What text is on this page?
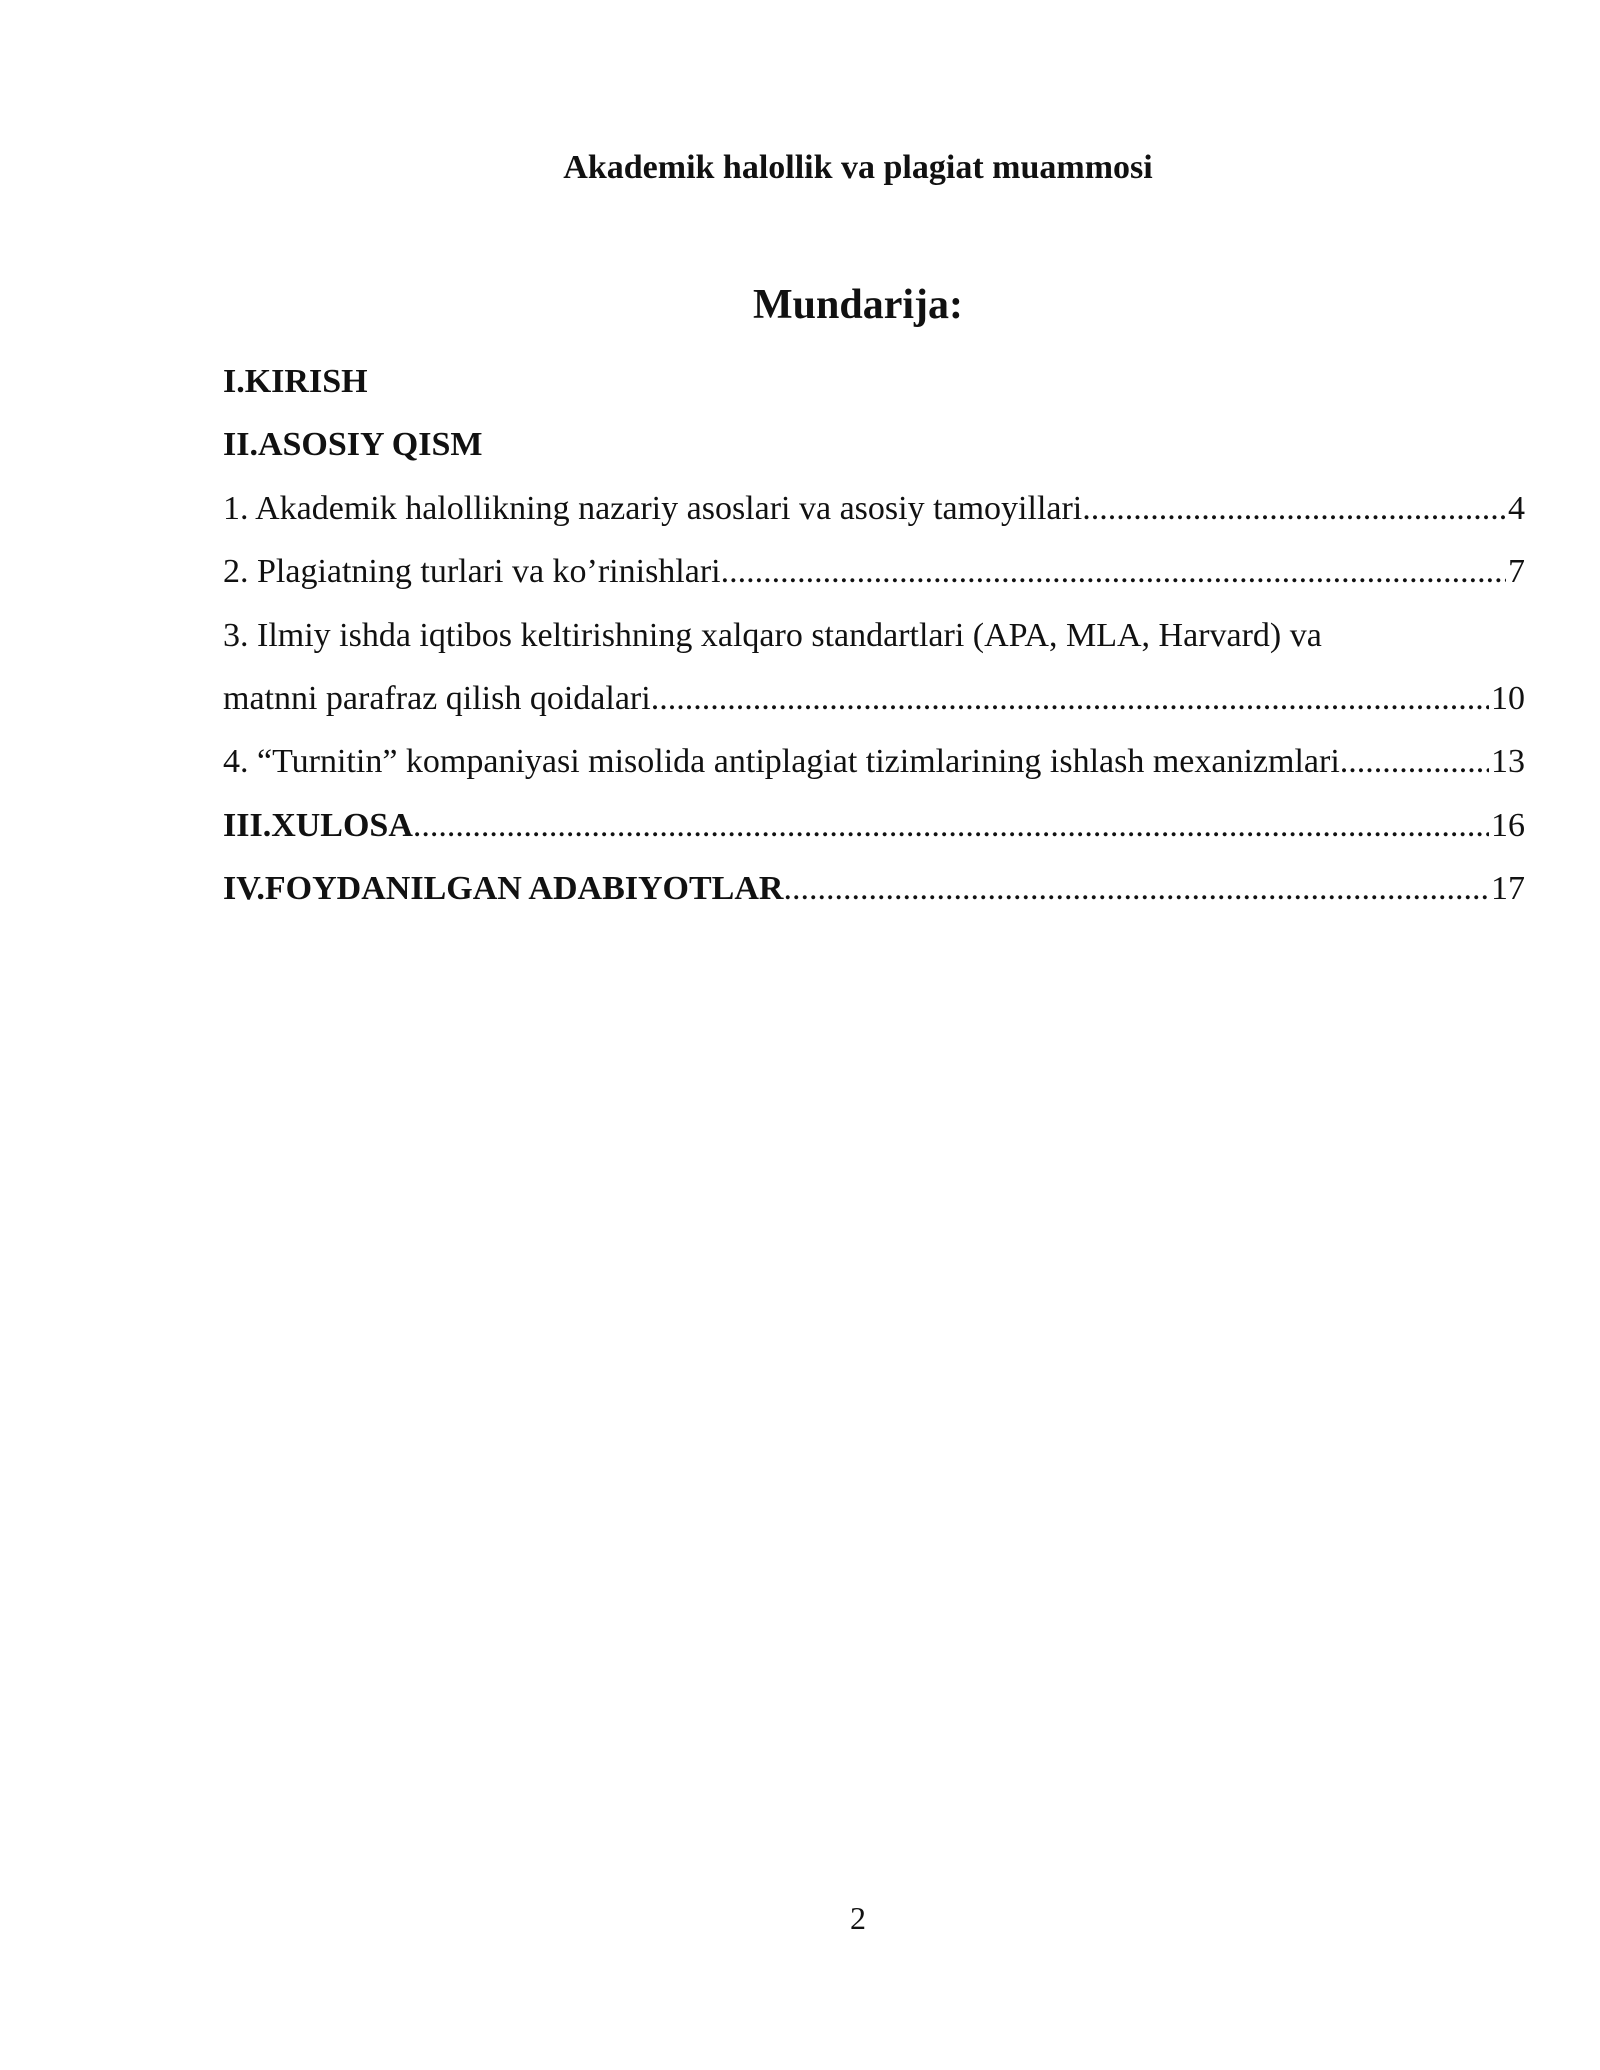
Akademik halollik va plagiat muammosi
Mundarija:
I.KIRISH
II.ASOSIY QISM
1. Akademik halollikning nazariy asoslari va asosiy tamoyillari .....	4
2. Plagiatning turlari va ko’rinishlari .....	7
3. Ilmiy ishda iqtibos keltirishning xalqaro standartlari (APA, MLA, Harvard) va
matnni parafraz qilish qoidalari .....	10
4. “Turnitin” kompaniyasi misolida antiplagiat tizimlarining ishlash mexanizmlari .....	13
III.XULOSA .....	16
IV.FOYDANILGAN ADABIYOTLAR .....	17
2
